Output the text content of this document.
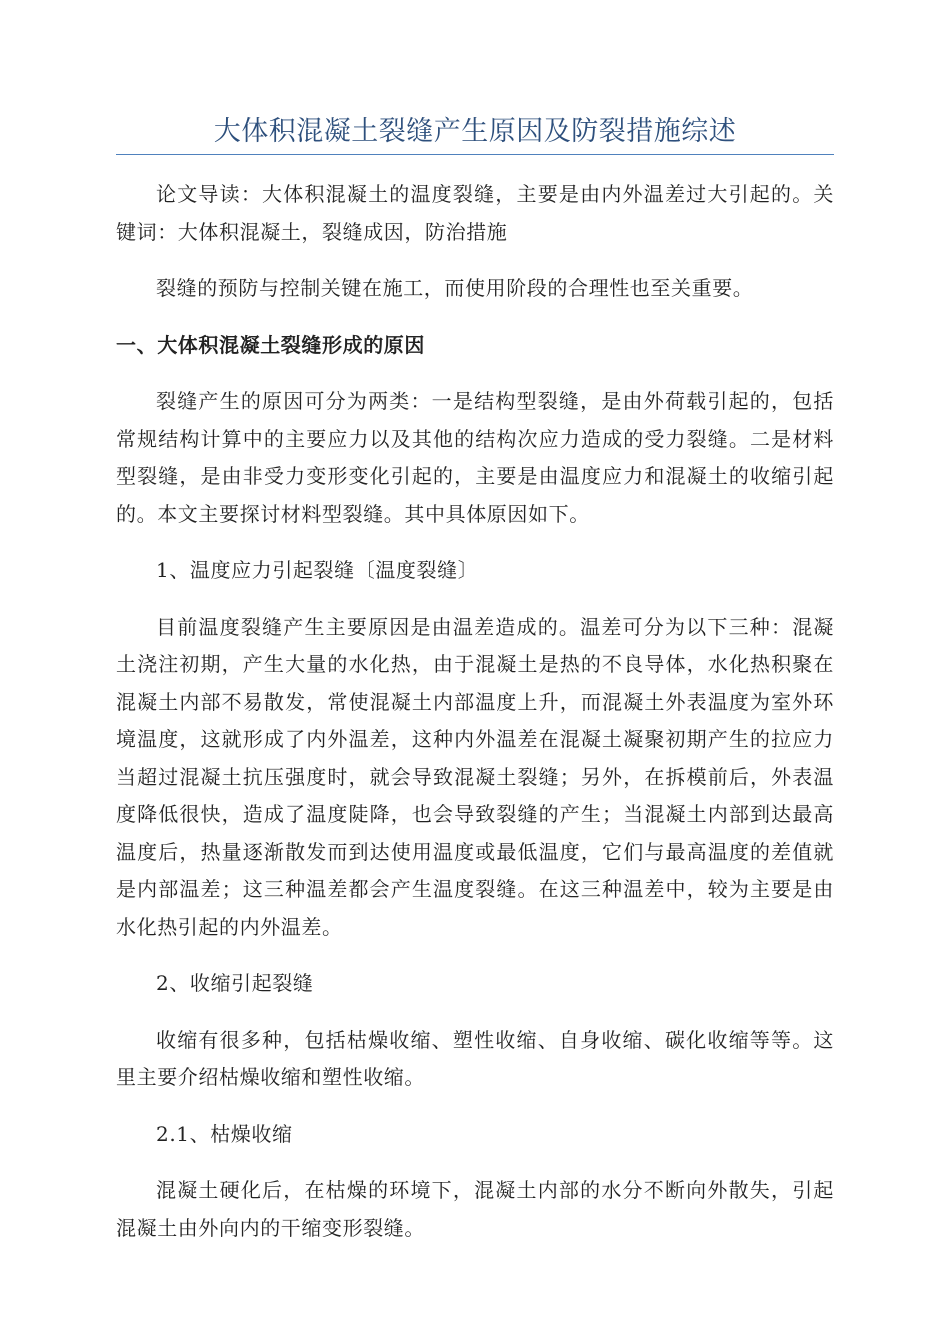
大体积混凝土裂缝产生原因及防裂措施综述

论文导读：大体积混凝土的温度裂缝，主要是由内外温差过大引起的。关键词：大体积混凝土，裂缝成因，防治措施

裂缝的预防与控制关键在施工，而使用阶段的合理性也至关重要。

一、大体积混凝土裂缝形成的原因

裂缝产生的原因可分为两类：一是结构型裂缝，是由外荷载引起的，包括常规结构计算中的主要应力以及其他的结构次应力造成的受力裂缝。二是材料型裂缝，是由非受力变形变化引起的，主要是由温度应力和混凝土的收缩引起的。本文主要探讨材料型裂缝。其中具体原因如下。

1、温度应力引起裂缝〔温度裂缝〕

目前温度裂缝产生主要原因是由温差造成的。温差可分为以下三种：混凝土浇注初期，产生大量的水化热，由于混凝土是热的不良导体，水化热积聚在混凝土内部不易散发，常使混凝土内部温度上升，而混凝土外表温度为室外环境温度，这就形成了内外温差，这种内外温差在混凝土凝聚初期产生的拉应力当超过混凝土抗压强度时，就会导致混凝土裂缝；另外，在拆模前后，外表温度降低很快，造成了温度陡降，也会导致裂缝的产生；当混凝土内部到达最高温度后，热量逐渐散发而到达使用温度或最低温度，它们与最高温度的差值就是内部温差；这三种温差都会产生温度裂缝。在这三种温差中，较为主要是由水化热引起的内外温差。

2、收缩引起裂缝

收缩有很多种，包括枯燥收缩、塑性收缩、自身收缩、碳化收缩等等。这里主要介绍枯燥收缩和塑性收缩。

2.1、枯燥收缩

混凝土硬化后，在枯燥的环境下，混凝土内部的水分不断向外散失，引起混凝土由外向内的干缩变形裂缝。
